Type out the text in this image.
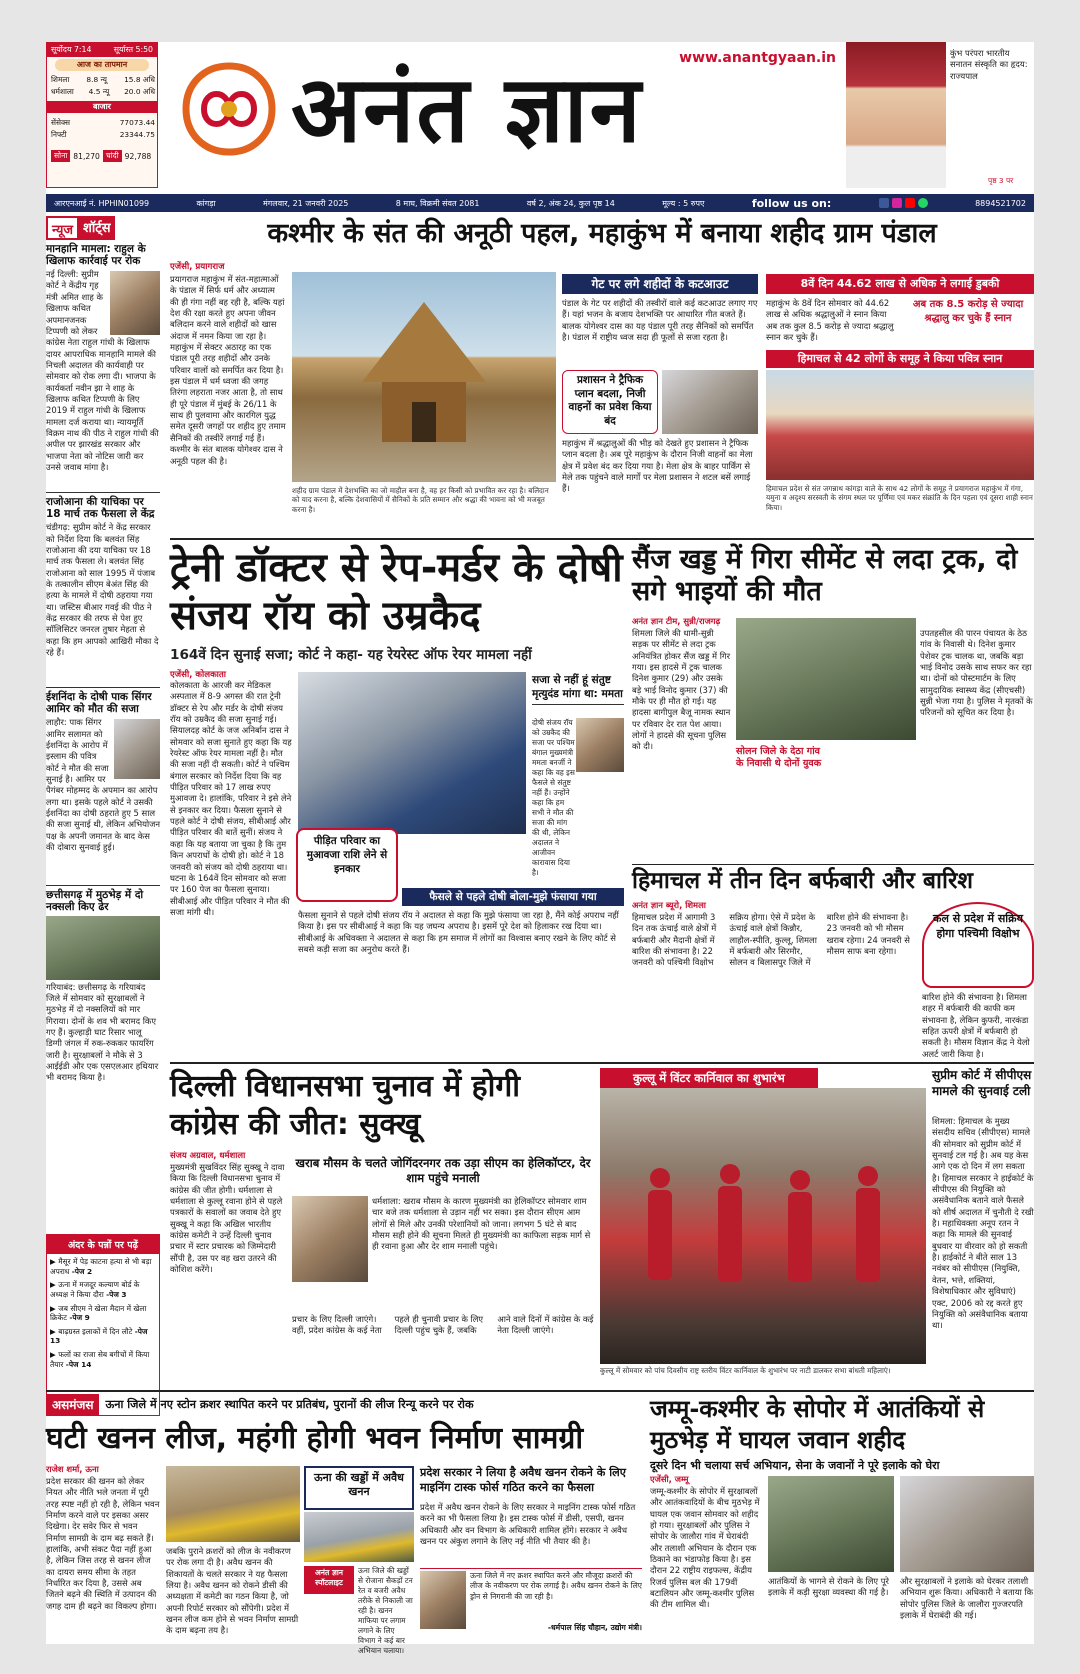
सूर्योदय 7:14	सूर्यास्त 5:50
आज का तापमान
शिमला 8.8 न्यू 15.8 अधि
धर्मशाला 4.5 न्यू 20.0 अधि
बाजार
सेंसेक्स	77073.44
निफ्टी	23344.75
सोना 81,270 चांदी 92,788
www.anantgyaan.in
अनंत ज्ञान
कुंभ परंपरा भारतीय सनातन संस्कृति का हृदय: राज्यपाल
पृष्ठ 3 पर
आरएनआई नं. HPHIN01099	कांगड़ा	मंगलवार, 21 जनवरी 2025	8 माघ, विक्रमी संवत 2081	वर्ष 2, अंक 24, कुल पृष्ठ 14	मूल्य : 5 रुपए	follow us on:	8894521702
न्यूज शॉर्ट्स
मानहानि मामला: राहुल के खिलाफ कार्रवाई पर रोक
नई दिल्ली: सुप्रीम कोर्ट ने केंद्रीय गृह मंत्री अमित शाह के खिलाफ कथित अपमानजनक टिप्पणी को लेकर कांग्रेस नेता राहुल गांधी के खिलाफ दायर आपराधिक मानहानि मामले की निचली अदालत की कार्यवाही पर सोमवार को रोक लगा दी। भाजपा के कार्यकर्ता नवीन झा ने शाह के खिलाफ कथित टिप्पणी के लिए 2019 में राहुल गांधी के खिलाफ मामला दर्ज कराया था। न्यायमूर्ति विक्रम नाथ की पीठ ने राहुल गांधी की अपील पर झारखंड सरकार और भाजपा नेता को नोटिस जारी कर उनसे जवाब मांगा है।
राजोआना की याचिका पर 18 मार्च तक फैसला ले केंद्र
चंडीगढ़: सुप्रीम कोर्ट ने केंद्र सरकार को निर्देश दिया कि बलवंत सिंह राजोआना की दया याचिका पर 18 मार्च तक फैसला ले। बलवंत सिंह राजोआना को साल 1995 में पंजाब के तत्कालीन सीएम बेअंत सिंह की हत्या के मामले में दोषी ठहराया गया था। जस्टिस बीआर गवई की पीठ ने केंद्र सरकार की तरफ से पेश हुए सॉलिसिटर जनरल तुषार मेहता से कहा कि हम आपको आखिरी मौका दे रहे हैं।
ईशनिंदा के दोषी पाक सिंगर आमिर को मौत की सजा
लाहौर: पाक सिंगर आमिर सलामत को ईशनिंदा के आरोप में इस्लाम की पवित्र कोर्ट ने मौत की सजा सुनाई है। आमिर पर पैगंबर मोहम्मद के अपमान का आरोप लगा था। इसके पहले कोर्ट ने उसकी ईशनिंदा का दोषी ठहराते हुए 5 साल की सजा सुनाई थी, लेकिन अभियोजन पक्ष के अपनी जमानत के बाद केस की दोबारा सुनवाई हुई।
छत्तीसगढ़ में मुठभेड़ में दो नक्सली किए ढेर
गरियाबंद: छत्तीसगढ़ के गरियाबंद जिले में सोमवार को सुरक्षाबलों ने मुठभेड़ में दो नक्सलियों को मार गिराया। दोनों के शव भी बरामद किए गए हैं। कुल्हाड़ी घाट रिसार भालू डिग्गी जंगल में रुक-रुककर फायरिंग जारी है। सुरक्षाबलों ने मौके से 3 आईईडी और एक एसएलआर हथियार भी बरामद किया है।
अंदर के पन्नों पर पढ़ें
▶ मैसूर में पेड़ काटना हत्या से भी बड़ा अपराध -पेज 2
▶ ऊना में मजदूर कल्याण बोर्ड के अध्यक्ष ने किया दौरा -पेज 3
▶ जब सीएम ने खेला मैदान में खेला क्रिकेट -पेज 9
▶ बाढ़ग्रस्त इलाकों में दिन लौटे -पेज 13
▶ फलों का राजा सेब बगीचों में किया तैयार -पेज 14
कश्मीर के संत की अनूठी पहल, महाकुंभ में बनाया शहीद ग्राम पंडाल
एजेंसी, प्रयागराज
प्रयागराज महाकुंभ में संत-महात्माओं के पंडाल में सिर्फ धर्म और अध्यात्म की ही गंगा नहीं बह रही है, बल्कि यहां देश की रक्षा करते हुए अपना जीवन बलिदान करने वाले शहीदों को खास अंदाज में नमन किया जा रहा है। महाकुंभ में सेक्टर अठारह का एक पंडाल पूरी तरह शहीदों और उनके परिवार वालों को समर्पित कर दिया है। इस पंडाल में धर्म ध्वजा की जगह तिरंगा लहराता नजर आता है, तो साथ ही पूरे पंडाल में मुंबई के 26/11 के साथ ही पुलवामा और कारगिल युद्ध समेत दूसरी जगहों पर शहीद हुए तमाम सैनिकों की तस्वीरें लगाई गई हैं। कश्मीर के संत बालक योगेश्वर दास ने अनूठी पहल की है।
शहीद ग्राम पंडाल में देशभक्ति का जो माहौल बना है, वह हर किसी को प्रभावित कर रहा है। बलिदान को याद करना है, बल्कि देशवासियों में सैनिकों के प्रति सम्मान और श्रद्धा की भावना को भी मजबूत करना है।
गेट पर लगे शहीदों के कटआउट
पंडाल के गेट पर शहीदों की तस्वीरों वाले कई कटआउट लगाए गए हैं। यहां भजन के बजाय देशभक्ति पर आधारित गीत बजते हैं। बालक योगेश्वर दास का यह पंडाल पूरी तरह सैनिकों को समर्पित है। पंडाल में राष्ट्रीय ध्वज सदा ही फूलों से सजा रहता है।
प्रशासन ने ट्रैफिक प्लान बदला, निजी वाहनों का प्रवेश किया बंद
महाकुंभ में श्रद्धालुओं की भीड़ को देखते हुए प्रशासन ने ट्रैफिक प्लान बदला है। अब पूरे महाकुंभ के दौरान निजी वाहनों का मेला क्षेत्र में प्रवेश बंद कर दिया गया है। मेला क्षेत्र के बाहर पार्किंग से मेले तक पहुंचने वाले मार्गों पर मेला प्रशासन ने शटल बसें लगाई हैं।
8वें दिन 44.62 लाख से अधिक ने लगाई डुबकी
महाकुंभ के 8वें दिन सोमवार को 44.62 लाख से अधिक श्रद्धालुओं ने स्नान किया अब तक कुल 8.5 करोड़ से ज्यादा श्रद्धालु स्नान कर चुके हैं।
अब तक 8.5 करोड़ से ज्यादा श्रद्धालु कर चुके हैं स्नान
हिमाचल से 42 लोगों के समूह ने किया पवित्र स्नान
हिमाचल प्रदेश से संत जगन्नाथ कांगड़ा वाले के साथ 42 लोगों के समूह ने प्रयागराज महाकुंभ में गंगा, यमुना व अदृश्य सरस्वती के संगम स्थल पर पूर्णिमा एवं मकर संक्रांति के दिन पहला एवं दूसरा शाही स्नान किया।
ट्रेनी डॉक्टर से रेप-मर्डर के दोषी संजय रॉय को उम्रकैद
164वें दिन सुनाई सजा; कोर्ट ने कहा- यह रेयरेस्ट ऑफ रेयर मामला नहीं
एजेंसी, कोलकाता
कोलकाता के आरजी कर मेडिकल अस्पताल में 8-9 अगस्त की रात ट्रेनी डॉक्टर से रेप और मर्डर के दोषी संजय रॉय को उम्रकैद की सजा सुनाई गई। सियालदह कोर्ट के जज अनिर्बान दास ने सोमवार को सजा सुनाते हुए कहा कि यह रेयरेस्ट ऑफ रेयर मामला नहीं है। मौत की सजा नहीं दी सकती। कोर्ट ने पश्चिम बंगाल सरकार को निर्देश दिया कि वह पीड़ित परिवार को 17 लाख रुपए मुआवजा दे। हालांकि, परिवार ने इसे लेने से इनकार कर दिया। फैसला सुनाने से पहले कोर्ट ने दोषी संजय, सीबीआई और पीड़ित परिवार की बातें सुनीं। संजय ने कहा कि यह बताया जा चुका है कि तुम किन अपराधों के दोषी हो। कोर्ट ने 18 जनवरी को संजय को दोषी ठहराया था। घटना के 164वें दिन सोमवार को सजा पर 160 पेज का फैसला सुनाया। सीबीआई और पीड़ित परिवार ने मौत की सजा मांगी थी।
पीड़ित परिवार का मुआवजा राशि लेने से इनकार
फैसले से पहले दोषी बोला-मुझे फंसाया गया
फैसला सुनाने से पहले दोषी संजय रॉय ने अदालत से कहा कि मुझे फंसाया जा रहा है, मैंने कोई अपराध नहीं किया है। इस पर सीबीआई ने कहा कि यह जघन्य अपराध है। इसमें पूरे देश को हिलाकर रख दिया था। सीबीआई के अधिवक्ता ने अदालत से कहा कि हम समाज में लोगों का विश्वास बनाए रखने के लिए कोर्ट से सबसे कड़ी सजा का अनुरोध करते हैं।
सजा से नहीं हूं संतुष्ट मृत्युदंड मांगा था: ममता
दोषी संजय रॉय को उम्रकैद की सजा पर पश्चिम बंगाल मुख्यमंत्री ममता बनर्जी ने कहा कि वह इस फैसले से संतुष्ट नहीं हैं। उन्होंने कहा कि हम सभी ने मौत की सजा की मांग की थी, लेकिन अदालत ने आजीवन कारावास दिया है।
सैंज खड्ड में गिरा सीमेंट से लदा ट्रक, दो सगे भाइयों की मौत
अनंत ज्ञान टीम, सुन्नी/राजगढ़
शिमला जिले की धामी-सुन्नी सड़क पर सीमेंट से लदा ट्रक अनियंत्रित होकर सैंज खड्ड में गिर गया। इस हादसे में ट्रक चालक दिनेश कुमार (29) और उसके बड़े भाई विनोद कुमार (37) की मौके पर ही मौत हो गई। यह हादसा बागीपुल बैजू नामक स्थान पर रविवार देर रात पेश आया। लोगों ने हादसे की सूचना पुलिस को दी।
उपतहसील की पारन पंचायत के ठेठ गांव के निवासी थे। दिनेश कुमार पेशेवर ट्रक चालक था, जबकि बड़ा भाई विनोद उसके साथ सफर कर रहा था। दोनों को पोस्टमार्टम के लिए सामुदायिक स्वास्थ्य केंद्र (सीएचसी) सुन्नी भेजा गया है। पुलिस ने मृतकों के परिजनों को सूचित कर दिया है।
सोलन जिले के देठा गांव के निवासी थे दोनों युवक
हिमाचल में तीन दिन बर्फबारी और बारिश
अनंत ज्ञान ब्यूरो, शिमला
हिमाचल प्रदेश में आगामी 3 दिन तक ऊंचाई वाले क्षेत्रों में बर्फबारी और मैदानी क्षेत्रों में बारिश की संभावना है। 22 जनवरी को पश्चिमी विक्षोभ सक्रिय होगा। ऐसे में प्रदेश के ऊंचाई वाले क्षेत्रों किन्नौर, लाहौल-स्पीति, कुल्लू, शिमला में बर्फबारी और सिरमौर, सोलन व बिलासपुर जिले में बारिश होने की संभावना है। 23 जनवरी को भी मौसम खराब रहेगा। 24 जनवरी से मौसम साफ बना रहेगा।
कल से प्रदेश में सक्रिय होगा पश्चिमी विक्षोभ
बारिश होने की संभावना है। शिमला शहर में बर्फबारी की काफी कम संभावना है, लेकिन कुफरी, नारकंडा सहित ऊपरी क्षेत्रों में बर्फबारी हो सकती है। मौसम विज्ञान केंद्र ने येलो अलर्ट जारी किया है।
दिल्ली विधानसभा चुनाव में होगी कांग्रेस की जीत: सुक्खू
संजय अग्रवाल, धर्मशाला
मुख्यमंत्री सुखविंदर सिंह सुक्खू ने दावा किया कि दिल्ली विधानसभा चुनाव में कांग्रेस की जीत होगी। धर्मशाला से धर्मशाला से कुल्लू रवाना होने से पहले पत्रकारों के सवालों का जवाब देते हुए सुक्खू ने कहा कि अखिल भारतीय कांग्रेस कमेटी ने उन्हें दिल्ली चुनाव प्रचार में स्टार प्रचारक को जिम्मेदारी सौंपी है, उस पर वह खरा उतरने की कोशिश करेंगे।
खराब मौसम के चलते जोगिंदरनगर तक उड़ा सीएम का हेलिकॉप्टर, देर शाम पहुंचे मनाली
धर्मशाला: खराब मौसम के कारण मुख्यमंत्री का हेलिकॉप्टर सोमवार शाम चार बजे तक धर्मशाला से उड़ान नहीं भर सका। इस दौरान सीएम आम लोगों से मिले और उनकी परेशानियों को जाना। लगभग 5 घंटे से बाद मौसम सही होने की सूचना मिलते ही मुख्यमंत्री का काफिला सड़क मार्ग से ही रवाना हुआ और देर शाम मनाली पहुंचे।
प्रचार के लिए दिल्ली जाएंगे। वहीं, प्रदेश कांग्रेस के कई नेता पहले ही चुनावी प्रचार के लिए दिल्ली पहुंच चुके हैं, जबकि आने वाले दिनों में कांग्रेस के कई नेता दिल्ली जाएंगे।
कुल्लू में विंटर कार्निवाल का शुभारंभ
कुल्लू में सोमवार को पांच दिवसीय राष्ट्र स्तरीय विंटर कार्निवाल के शुभारंभ पर नाटी डालकर सभा बांधती महिलाएं।
सुप्रीम कोर्ट में सीपीएस मामले की सुनवाई टली
शिमला: हिमाचल के मुख्य संसदीय सचिव (सीपीएस) मामले की सोमवार को सुप्रीम कोर्ट में सुनवाई टल गई है। अब यह केस आगे एक दो दिन में लग सकता है। हिमाचल सरकार ने हाईकोर्ट के सीपीएस की नियुक्ति को असंवैधानिक बताने वाले फैसले को शीर्ष अदालत में चुनौती दे रखी है। महाधिवक्ता अनूप रतन ने कहा कि मामले की सुनवाई बुधवार या वीरवार को हो सकती है। हाईकोर्ट ने बीते साल 13 नवंबर को सीपीएस (नियुक्ति, वेतन, भत्ते, शक्तियां, विशेषाधिकार और सुविधाएं) एक्ट, 2006 को रद्द करते हुए नियुक्ति को असंवैधानिक बताया था।
असमंजस	ऊना जिले में नए स्टोन क्रशर स्थापित करने पर प्रतिबंध, पुरानों की लीज रिन्यू करने पर रोक
घटी खनन लीज, महंगी होगी भवन निर्माण सामग्री
राजेश शर्मा, ऊना
प्रदेश सरकार की खनन को लेकर नियत और नीति भले जनता में पूरी तरह स्पष्ट नहीं हो रही है, लेकिन भवन निर्माण करने वाले पर इसका असर दिखेगा। देर सवेर फिर से भवन निर्माण सामग्री के दाम बढ़ सकते हैं। हालांकि, अभी संकट पैदा नहीं हुआ है, लेकिन जिस तरह से खनन लीज का दायरा समय सीमा के तहत निर्धारित कर दिया है, उससे अब जितने बढ़ने की स्थिति में उत्पादन की जगह दाम ही बढ़ने का विकल्प होगा।
जबकि पुराने क्रशरों को लीज के नवीकरण पर रोक लगा दी है। अवैध खनन की शिकायतों के चलते सरकार ने यह फैसला लिया है। अवैध खनन को रोकने डीसी की अध्यक्षता में कमेटी का गठन किया है, जो अपनी रिपोर्ट सरकार को सौंपेगी। प्रदेश में खनन लीज कम होने से भवन निर्माण सामग्री के दाम बढ़ना तय है।
ऊना की खड्डों में अवैध खनन
अनंत ज्ञान स्पॉटलाइट
ऊना जिले की खड्डों से रोजाना सैकड़ों टन रेत व बजरी अवैध तरीके से निकाली जा रही है। खनन माफिया पर लगाम लगाने के लिए विभाग ने कई बार अभियान चलाया।
प्रदेश सरकार ने लिया है अवैध खनन रोकने के लिए माइनिंग टास्क फोर्स गठित करने का फैसला
प्रदेश में अवैध खनन रोकने के लिए सरकार ने माइनिंग टास्क फोर्स गठित करने का भी फैसला लिया है। इस टास्क फोर्स में डीसी, एसपी, खनन अधिकारी और वन विभाग के अधिकारी शामिल होंगे। सरकार ने अवैध खनन पर अंकुश लगाने के लिए नई नीति भी तैयार की है।
ऊना जिले में नए क्रशर स्थापित करने और मौजूदा क्रशरों की लीज के नवीकरण पर रोक लगाई है। अवैध खनन रोकने के लिए ड्रोन से निगरानी की जा रही है।
-धर्मपाल सिंह चौहान, उद्योग मंत्री।
जम्मू-कश्मीर के सोपोर में आतंकियों से मुठभेड़ में घायल जवान शहीद
दूसरे दिन भी चलाया सर्च अभियान, सेना के जवानों ने पूरे इलाके को घेरा
एजेंसी, जम्मू
जम्मू-कश्मीर के सोपोर में सुरक्षाबलों और आतंकवादियों के बीच मुठभेड़ में घायल एक जवान सोमवार को शहीद हो गया। सुरक्षाबलों और पुलिस ने सोपोर के जालौरा गांव में घेराबंदी और तलाशी अभियान के दौरान एक ठिकाने का भंडाफोड़ किया है। इस दौरान 22 राष्ट्रीय राइफल्स, केंद्रीय रिजर्व पुलिस बल की 179वीं बटालियन और जम्मू-कश्मीर पुलिस की टीम शामिल थी।
आतंकियों के भागने से रोकने के लिए पूरे इलाके में कड़ी सुरक्षा व्यवस्था की गई है।
और सुरक्षाबलों ने इलाके को घेरकर तलाशी अभियान शुरू किया। अधिकारी ने बताया कि सोपोर पुलिस जिले के जालौरा गुज्जरपति इलाके में घेराबंदी की गई।
